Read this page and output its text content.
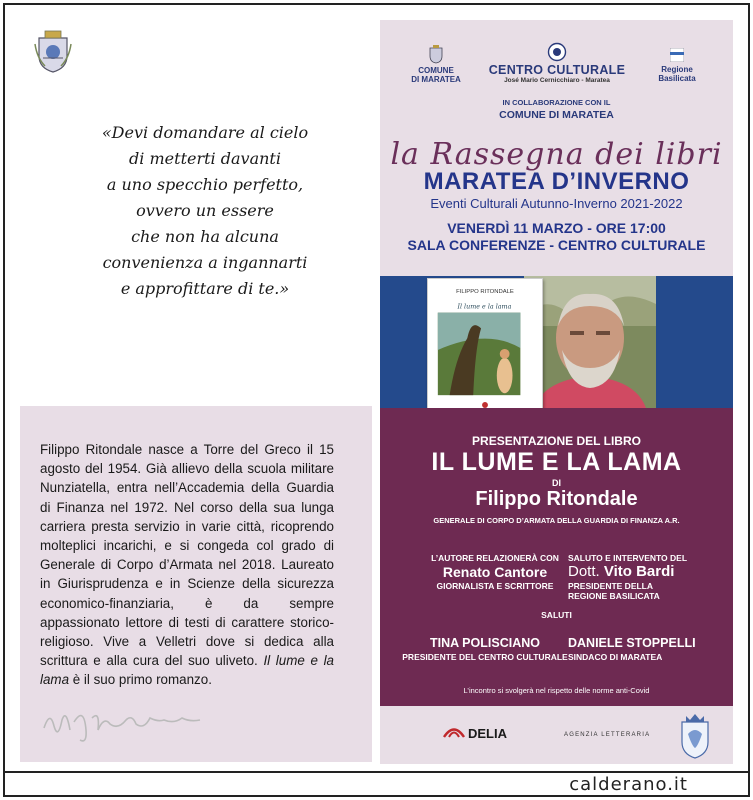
«Devi domandare al cielo
di metterti davanti
a uno specchio perfetto,
ovvero un essere
che non ha alcuna
convenienza a ingannarti
e approfittare di te.»

Filippo Ritondale nasce a Torre del Greco il 15 agosto del 1954. Già allievo della scuola militare Nunziatella, entra nell’Accademia della Guardia di Finanza nel 1972. Nel corso della sua lunga carriera presta servizio in varie città, ricoprendo molteplici incarichi, e si congeda col grado di Generale di Corpo d’Armata nel 2018. Laureato in Giurisprudenza e in Scienze della sicurezza economico-finanziaria, è da sempre appassionato lettore di testi di carattere storico-religioso. Vive a Velletri dove si dedica alla scrittura e alla cura del suo uliveto. Il lume e la lama è il suo primo romanzo.

COMUNE
DI MARATEA
CENTRO CULTURALE
José Mario Cernicchiaro - Maratea
Regione
Basilicata
IN COLLABORAZIONE CON IL
COMUNE DI MARATEA
la Rassegna dei libri
MARATEA D’INVERNO
Eventi Culturali Autunno-Inverno 2021-2022
VENERDÌ 11 MARZO - ORE 17:00
SALA CONFERENZE - CENTRO CULTURALE
FILIPPO RITONDALE
Il lume e la lama
PRESENTAZIONE DEL LIBRO
IL LUME E LA LAMA
DI
Filippo Ritondale
GENERALE DI CORPO D’ARMATA DELLA GUARDIA DI FINANZA A.R.
L’AUTORE RELAZIONERÀ CON
Renato Cantore
GIORNALISTA E SCRITTORE
SALUTO E INTERVENTO DEL
Dott. Vito Bardi
PRESIDENTE DELLA
REGIONE BASILICATA
SALUTI
TINA POLISCIANO
PRESIDENTE DEL CENTRO CULTURALE
DANIELE STOPPELLI
SINDACO DI MARATEA
L’incontro si svolgerà nel rispetto delle norme anti-Covid
DELIA	AGENZIA LETTERARIA
calderano.it
